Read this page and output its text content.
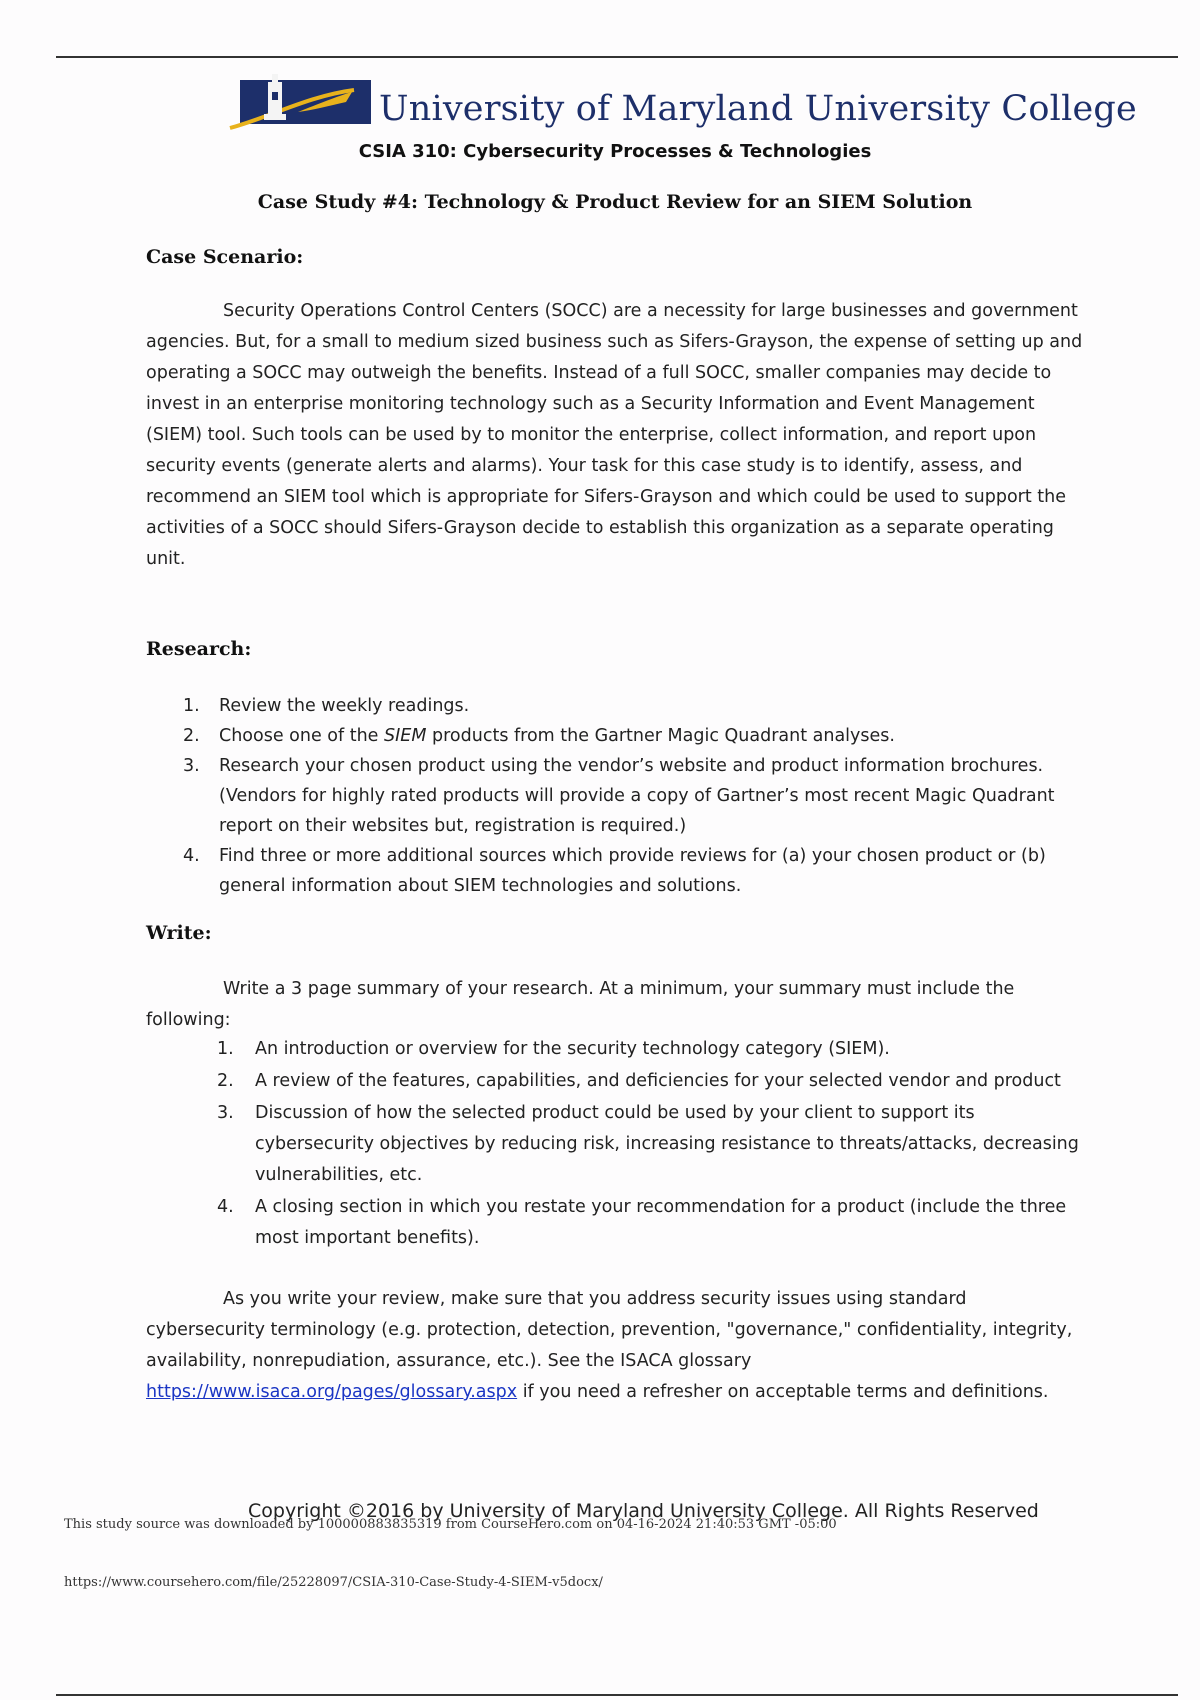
University of Maryland University College
CSIA 310: Cybersecurity Processes & Technologies
Case Study #4: Technology & Product Review for an SIEM Solution
Case Scenario:
Security Operations Control Centers (SOCC) are a necessity for large businesses and government agencies. But, for a small to medium sized business such as Sifers-Grayson, the expense of setting up and operating a SOCC may outweigh the benefits. Instead of a full SOCC, smaller companies may decide to invest in an enterprise monitoring technology such as a Security Information and Event Management (SIEM) tool. Such tools can be used by to monitor the enterprise, collect information, and report upon security events (generate alerts and alarms). Your task for this case study is to identify, assess, and recommend an SIEM tool which is appropriate for Sifers-Grayson and which could be used to support the activities of a SOCC should Sifers-Grayson decide to establish this organization as a separate operating unit.
Research:
1. Review the weekly readings.
2. Choose one of the SIEM products from the Gartner Magic Quadrant analyses.
3. Research your chosen product using the vendor’s website and product information brochures. (Vendors for highly rated products will provide a copy of Gartner’s most recent Magic Quadrant report on their websites but, registration is required.)
4. Find three or more additional sources which provide reviews for (a) your chosen product or (b) general information about SIEM technologies and solutions.
Write:
Write a 3 page summary of your research. At a minimum, your summary must include the following:
1. An introduction or overview for the security technology category (SIEM).
2. A review of the features, capabilities, and deficiencies for your selected vendor and product
3. Discussion of how the selected product could be used by your client to support its cybersecurity objectives by reducing risk, increasing resistance to threats/attacks, decreasing vulnerabilities, etc.
4. A closing section in which you restate your recommendation for a product (include the three most important benefits).
As you write your review, make sure that you address security issues using standard cybersecurity terminology (e.g. protection, detection, prevention, "governance," confidentiality, integrity, availability, nonrepudiation, assurance, etc.). See the ISACA glossary https://www.isaca.org/pages/glossary.aspx if you need a refresher on acceptable terms and definitions.
Copyright ©2016 by University of Maryland University College. All Rights Reserved
This study source was downloaded by 100000883835319 from CourseHero.com on 04-16-2024 21:40:53 GMT -05:00
https://www.coursehero.com/file/25228097/CSIA-310-Case-Study-4-SIEM-v5docx/
